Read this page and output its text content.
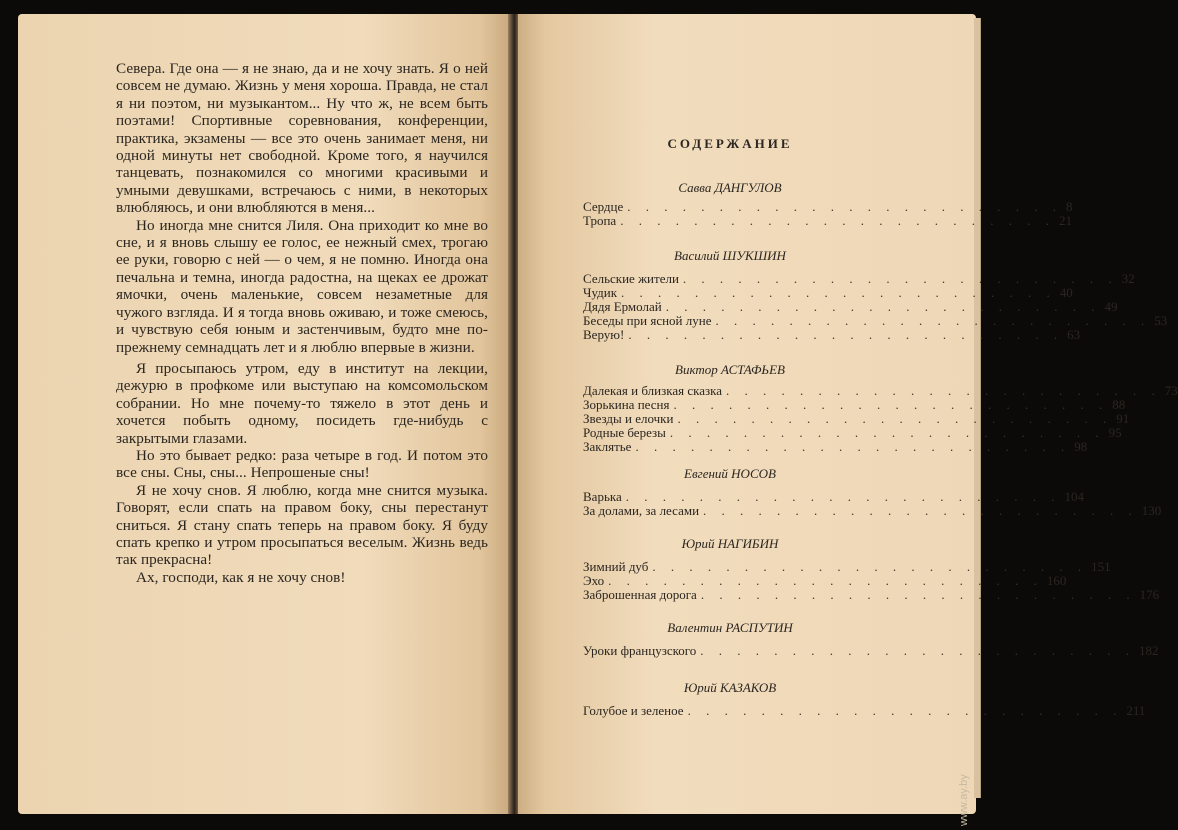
Севера. Где она — я не знаю, да и не хочу знать. Я о ней совсем не думаю. Жизнь у меня хороша. Правда, не стал я ни поэтом, ни музыкантом... Ну что ж, не всем быть поэтами! Спортивные соревнования, конференции, практика, экзамены — все это очень занимает меня, ни одной минуты нет свободной. Кроме того, я научился танцевать, познакомился со многими красивыми и умными девушками, встречаюсь с ними, в некоторых влюбляюсь, и они влюбляются в меня...

Но иногда мне снится Лиля. Она приходит ко мне во сне, и я вновь слышу ее голос, ее нежный смех, трогаю ее руки, говорю с ней — о чем, я не помню. Иногда она печальна и темна, иногда радостна, на щеках ее дрожат ямочки, очень маленькие, совсем незаметные для чужого взгляда. И я тогда вновь оживаю, и тоже смеюсь, и чувствую себя юным и застенчивым, будто мне по-прежнему семнадцать лет и я люблю впервые в жизни.

Я просыпаюсь утром, еду в институт на лекции, дежурю в профкоме или выступаю на комсомольском собрании. Но мне почему-то тяжело в этот день и хочется побыть одному, посидеть где-нибудь с закрытыми глазами.

Но это бывает редко: раза четыре в год. И потом это все сны. Сны, сны... Непрошеные сны!

Я не хочу снов. Я люблю, когда мне снится музыка. Говорят, если спать на правом боку, сны перестанут сниться. Я стану спать теперь на правом боку. Я буду спать крепко и утром просыпаться веселым. Жизнь ведь так прекрасна!

Ах, господи, как я не хочу снов!

СОДЕРЖАНИЕ
Савва ДАНГУЛОВ
Сердце . . . . . . . . . . . . . . . . . . . . . . . . 8
Тропа . . . . . . . . . . . . . . . . . . . . . . . . 21
Василий ШУКШИН
Сельские жители . . . . . . . . . . . . . . . . . . . . . . . . 32
Чудик . . . . . . . . . . . . . . . . . . . . . . . . 40
Дядя Ермолай . . . . . . . . . . . . . . . . . . . . . . . . 49
Беседы при ясной луне . . . . . . . . . . . . . . . . . . . . . . . . 53
Верую! . . . . . . . . . . . . . . . . . . . . . . . . 63
Виктор АСТАФЬЕВ
Далекая и близкая сказка . . . . . . . . . . . . . . . . . . . . . . . . 73
Зорькина песня . . . . . . . . . . . . . . . . . . . . . . . . 88
Звезды и елочки . . . . . . . . . . . . . . . . . . . . . . . . 91
Родные березы . . . . . . . . . . . . . . . . . . . . . . . . 95
Заклятье . . . . . . . . . . . . . . . . . . . . . . . . 98
Евгений НОСОВ
Варька . . . . . . . . . . . . . . . . . . . . . . . . 104
За долами, за лесами . . . . . . . . . . . . . . . . . . . . . . . . 130
Юрий НАГИБИН
Зимний дуб . . . . . . . . . . . . . . . . . . . . . . . . 151
Эхо . . . . . . . . . . . . . . . . . . . . . . . . 160
Заброшенная дорога . . . . . . . . . . . . . . . . . . . . . . . . 176
Валентин РАСПУТИН
Уроки французского . . . . . . . . . . . . . . . . . . . . . . . . 182
Юрий КАЗАКОВ
Голубое и зеленое . . . . . . . . . . . . . . . . . . . . . . . . 211
www.ay.by
